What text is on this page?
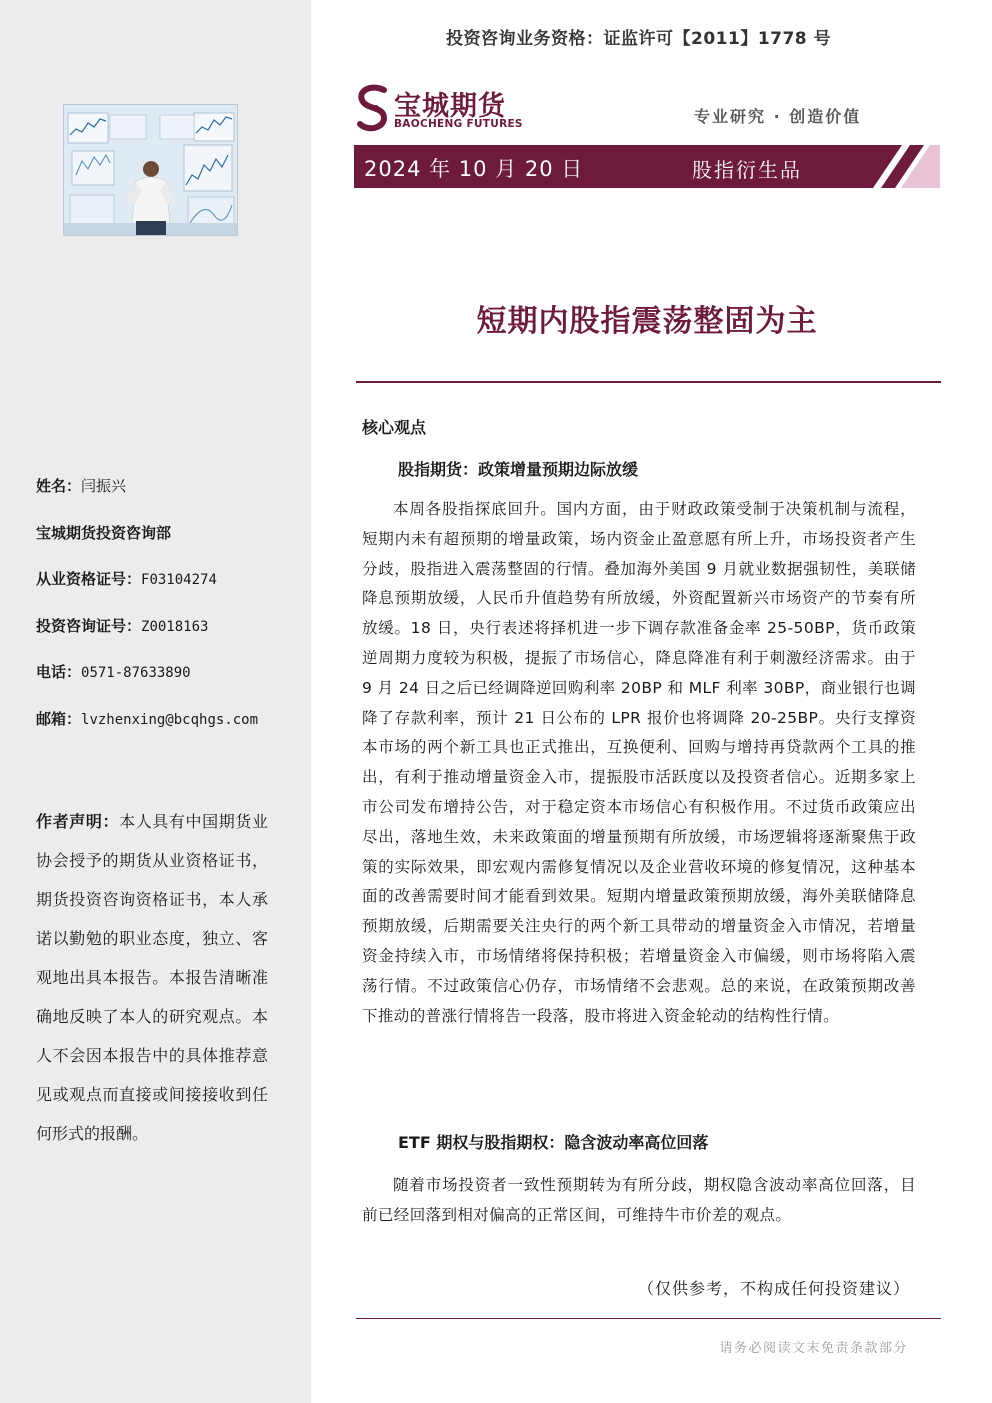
姓名：闫振兴
宝城期货投资咨询部
从业资格证号：F03104274
投资咨询证号：Z0018163
电话：0571-87633890
邮箱：lvzhenxing@bcqhgs.com
作者声明：本人具有中国期货业协会授予的期货从业资格证书，期货投资咨询资格证书，本人承诺以勤勉的职业态度，独立、客观地出具本报告。本报告清晰准确地反映了本人的研究观点。本人不会因本报告中的具体推荐意见或观点而直接或间接接收到任何形式的报酬。
投资咨询业务资格：证监许可【2011】1778 号
宝城期货
BAOCHENG FUTURES	专业研究 · 创造价值
2024 年 10 月 20 日	股指衍生品
短期内股指震荡整固为主
核心观点
股指期货：政策增量预期边际放缓
本周各股指探底回升。国内方面，由于财政政策受制于决策机制与流程，短期内未有超预期的增量政策，场内资金止盈意愿有所上升，市场投资者产生分歧，股指进入震荡整固的行情。叠加海外美国 9 月就业数据强韧性，美联储降息预期放缓，人民币升值趋势有所放缓，外资配置新兴市场资产的节奏有所放缓。18 日，央行表述将择机进一步下调存款准备金率 25-50BP，货币政策逆周期力度较为积极，提振了市场信心，降息降准有利于刺激经济需求。由于 9 月 24 日之后已经调降逆回购利率 20BP 和 MLF 利率 30BP，商业银行也调降了存款利率，预计 21 日公布的 LPR 报价也将调降 20-25BP。央行支撑资本市场的两个新工具也正式推出，互换便利、回购与增持再贷款两个工具的推出，有利于推动增量资金入市，提振股市活跃度以及投资者信心。近期多家上市公司发布增持公告，对于稳定资本市场信心有积极作用。不过货币政策应出尽出，落地生效，未来政策面的增量预期有所放缓，市场逻辑将逐渐聚焦于政策的实际效果，即宏观内需修复情况以及企业营收环境的修复情况，这种基本面的改善需要时间才能看到效果。短期内增量政策预期放缓，海外美联储降息预期放缓，后期需要关注央行的两个新工具带动的增量资金入市情况，若增量资金持续入市，市场情绪将保持积极；若增量资金入市偏缓，则市场将陷入震荡行情。不过政策信心仍存，市场情绪不会悲观。总的来说，在政策预期改善下推动的普涨行情将告一段落，股市将进入资金轮动的结构性行情。
ETF 期权与股指期权：隐含波动率高位回落
随着市场投资者一致性预期转为有所分歧，期权隐含波动率高位回落，目前已经回落到相对偏高的正常区间，可维持牛市价差的观点。
（仅供参考，不构成任何投资建议）
请务必阅读文末免责条款部分
